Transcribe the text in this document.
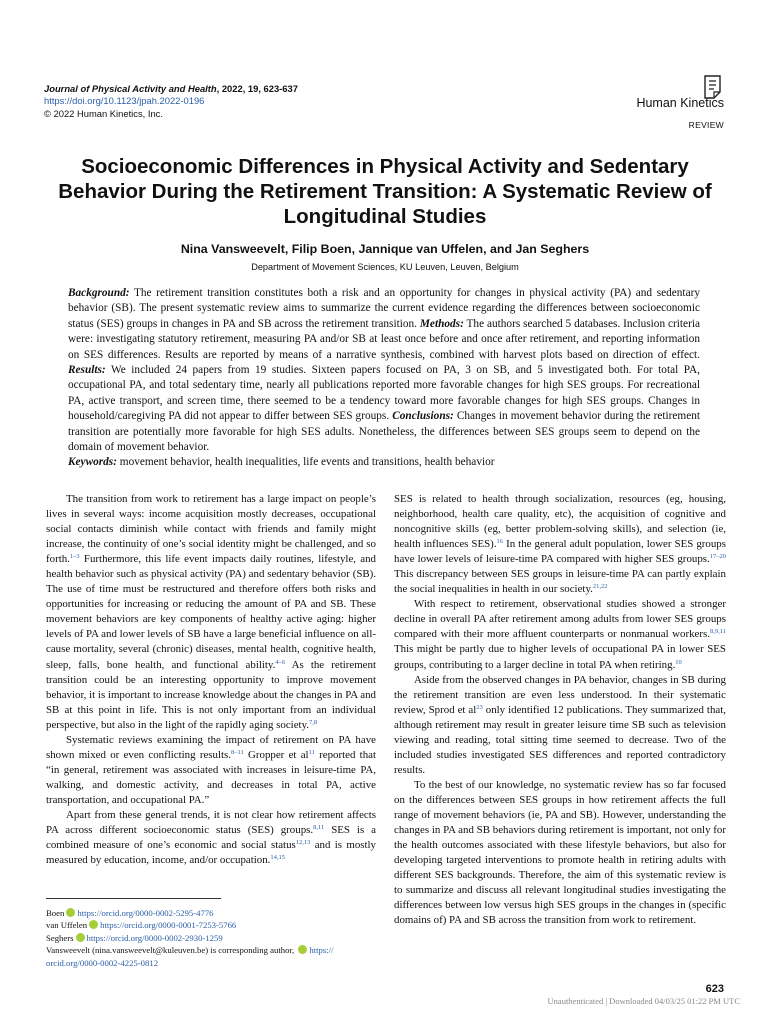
Journal of Physical Activity and Health, 2022, 19, 623-637
https://doi.org/10.1123/jpah.2022-0196
© 2022 Human Kinetics, Inc.
Human Kinetics
REVIEW
Socioeconomic Differences in Physical Activity and Sedentary Behavior During the Retirement Transition: A Systematic Review of Longitudinal Studies
Nina Vansweevelt, Filip Boen, Jannique van Uffelen, and Jan Seghers
Department of Movement Sciences, KU Leuven, Leuven, Belgium

Background: The retirement transition constitutes both a risk and an opportunity for changes in physical activity (PA) and sedentary behavior (SB). The present systematic review aims to summarize the current evidence regarding the differences between socioeconomic status (SES) groups in changes in PA and SB across the retirement transition. Methods: The authors searched 5 databases. Inclusion criteria were: investigating statutory retirement, measuring PA and/or SB at least once before and once after retirement, and reporting information on SES differences. Results are reported by means of a narrative synthesis, combined with harvest plots based on direction of effect. Results: We included 24 papers from 19 studies. Sixteen papers focused on PA, 3 on SB, and 5 investigated both. For total PA, occupational PA, and total sedentary time, nearly all publications reported more favorable changes for high SES groups. For recreational PA, active transport, and screen time, there seemed to be a tendency toward more favorable changes for high SES groups. Changes in household/caregiving PA did not appear to differ between SES groups. Conclusions: Changes in movement behavior during the retirement transition are potentially more favorable for high SES adults. Nonetheless, the differences between SES groups seem to depend on the domain of movement behavior.

Keywords: movement behavior, health inequalities, life events and transitions, health behavior

The transition from work to retirement has a large impact on people’s lives in several ways: income acquisition mostly decreases, occupational social contacts diminish while contact with friends and family might increase, the continuity of one’s social identity might be challenged, and so forth.$^{1-3}$ Furthermore, this life event impacts daily routines, lifestyle, and health behavior such as physical activity (PA) and sedentary behavior (SB). The use of time must be restructured and therefore offers both risks and opportunities for increasing or reducing the amount of PA and SB. These movement behaviors are key components of healthy active aging: higher levels of PA and lower levels of SB have a large beneficial influence on all-cause mortality, several (chronic) diseases, mental health, cognitive health, sleep, falls, bone health, and functional ability.$^{4-6}$ As the retirement transition could be an interesting opportunity to improve movement behavior, it is important to increase knowledge about the changes in PA and SB at this point in life. This is not only important from an individual perspective, but also in the light of the rapidly aging society.$^{7,8}$

Systematic reviews examining the impact of retirement on PA have shown mixed or even conflicting results.$^{8-11}$ Gropper et $al^{11}$ reported that “in general, retirement was associated with increases in leisure-time PA, walking, and domestic activity, and decreases in total PA, active transportation, and occupational PA.”

Apart from these general trends, it is not clear how retirement affects PA across different socioeconomic status (SES) groups.$^{8,11}$ SES is a combined measure of one’s economic and social status$^{12,13}$ and is mostly measured by education, income, and/or occupation.$^{14,15}$

Boen https://orcid.org/0000-0002-5295-4776
van Uffelen https://orcid.org/0000-0001-7253-5766
Seghers https://orcid.org/0000-0002-2930-1259
Vansweevelt (nina.vansweevelt@kuleuven.be) is corresponding author, https://
orcid.org/0000-0002-4225-0812

SES is related to health through socialization, resources (eg, housing, neighborhood, health care quality, etc), the acquisition of cognitive and noncognitive skills (eg, better problem-solving skills), and selection (ie, health influences SES).$^{16}$ In the general adult population, lower SES groups have lower levels of leisure-time PA compared with higher SES groups.$^{17-20}$ This discrepancy between SES groups in leisure-time PA can partly explain the social inequalities in health in our society.$^{21,22}$

With respect to retirement, observational studies showed a stronger decline in overall PA after retirement among adults from lower SES groups compared with their more affluent counterparts or nonmanual workers.$^{8,9,11}$ This might be partly due to higher levels of occupational PA in lower SES groups, contributing to a larger decline in total PA when retiring.$^{10}$

Aside from the observed changes in PA behavior, changes in SB during the retirement transition are even less understood. In their systematic review, Sprod et $al^{23}$ only identified 12 publications. They summarized that, although retirement may result in greater leisure time SB such as television viewing and reading, total sitting time seemed to decrease. Two of the included studies investigated SES differences and reported contradictory results.

To the best of our knowledge, no systematic review has so far focused on the differences between SES groups in how retirement affects the full range of movement behaviors (ie, PA and SB). However, understanding the changes in PA and SB behaviors during retirement is important, not only for the health outcomes associated with these lifestyle behaviors, but also for developing targeted interventions to promote health in retiring adults with different SES backgrounds. Therefore, the aim of this systematic review is to summarize and discuss all relevant longitudinal studies investigating the differences between low versus high SES groups in the changes in (specific domains of) PA and SB across the transition from work to retirement.

623
Unauthenticated | Downloaded 04/03/25 01:22 PM UTC
